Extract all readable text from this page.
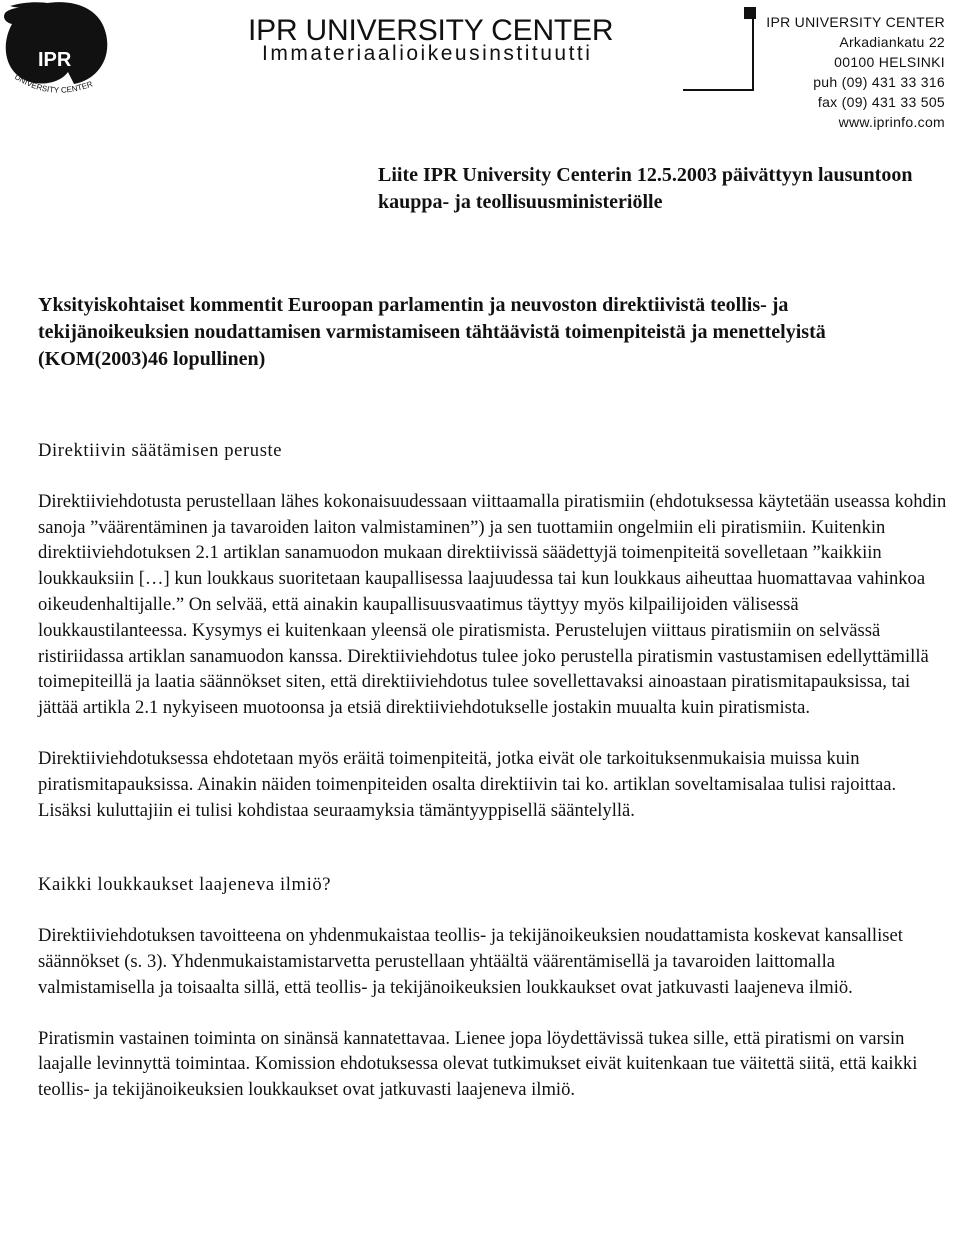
IPR
UNIVERSITY CENTER
IPR UNIVERSITY CENTER
Immateriaalioikeusinstituutti
IPR UNIVERSITY CENTER
Arkadiankatu 22
00100 HELSINKI
puh (09) 431 33 316
fax (09) 431 33 505
www.iprinfo.com

Liite IPR University Centerin 12.5.2003 päivättyyn lausuntoon kauppa- ja teollisuusministeriölle

Yksityiskohtaiset kommentit Euroopan parlamentin ja neuvoston direktiivistä teollis- ja tekijänoikeuksien noudattamisen varmistamiseen tähtäävistä toimenpiteistä ja menettelyistä (KOM(2003)46 lopullinen)

Direktiivin säätämisen peruste

Direktiiviehdotusta perustellaan lähes kokonaisuudessaan viittaamalla piratismiin (ehdotuksessa käytetään useassa kohdin sanoja ”väärentäminen ja tavaroiden laiton valmistaminen”) ja sen tuottamiin ongelmiin eli piratismiin. Kuitenkin direktiiviehdotuksen 2.1 artiklan sanamuodon mukaan direktiivissä säädettyjä toimenpiteitä sovelletaan ”kaikkiin loukkauksiin […] kun loukkaus suoritetaan kaupallisessa laajuudessa tai kun loukkaus aiheuttaa huomattavaa vahinkoa oikeudenhaltijalle.” On selvää, että ainakin kaupallisuusvaatimus täyttyy myös kilpailijoiden välisessä loukkaustilanteessa. Kysymys ei kuitenkaan yleensä ole piratismista. Perustelujen viittaus piratismiin on selvässä ristiriidassa artiklan sanamuodon kanssa. Direktiiviehdotus tulee joko perustella piratismin vastustamisen edellyttämillä toimepiteillä ja laatia säännökset siten, että direktiiviehdotus tulee sovellettavaksi ainoastaan piratismitapauksissa, tai jättää artikla 2.1 nykyiseen muotoonsa ja etsiä direktiiviehdotukselle jostakin muualta kuin piratismista.

Direktiiviehdotuksessa ehdotetaan myös eräitä toimenpiteitä, jotka eivät ole tarkoituksenmukaisia muissa kuin piratismitapauksissa. Ainakin näiden toimenpiteiden osalta direktiivin tai ko. artiklan soveltamisalaa tulisi rajoittaa. Lisäksi kuluttajiin ei tulisi kohdistaa seuraamyksia tämäntyyppisellä sääntelyllä.

Kaikki loukkaukset laajeneva ilmiö?

Direktiiviehdotuksen tavoitteena on yhdenmukaistaa teollis- ja tekijänoikeuksien noudattamista koskevat kansalliset säännökset (s. 3). Yhdenmukaistamistarvetta perustellaan yhtäältä väärentämisellä ja tavaroiden laittomalla valmistamisella ja toisaalta sillä, että teollis- ja tekijänoikeuksien loukkaukset ovat jatkuvasti laajeneva ilmiö.

Piratismin vastainen toiminta on sinänsä kannatettavaa. Lienee jopa löydettävissä tukea sille, että piratismi on varsin laajalle levinnyttä toimintaa. Komission ehdotuksessa olevat tutkimukset eivät kuitenkaan tue väitettä siitä, että kaikki teollis- ja tekijänoikeuksien loukkaukset ovat jatkuvasti laajeneva ilmiö.
